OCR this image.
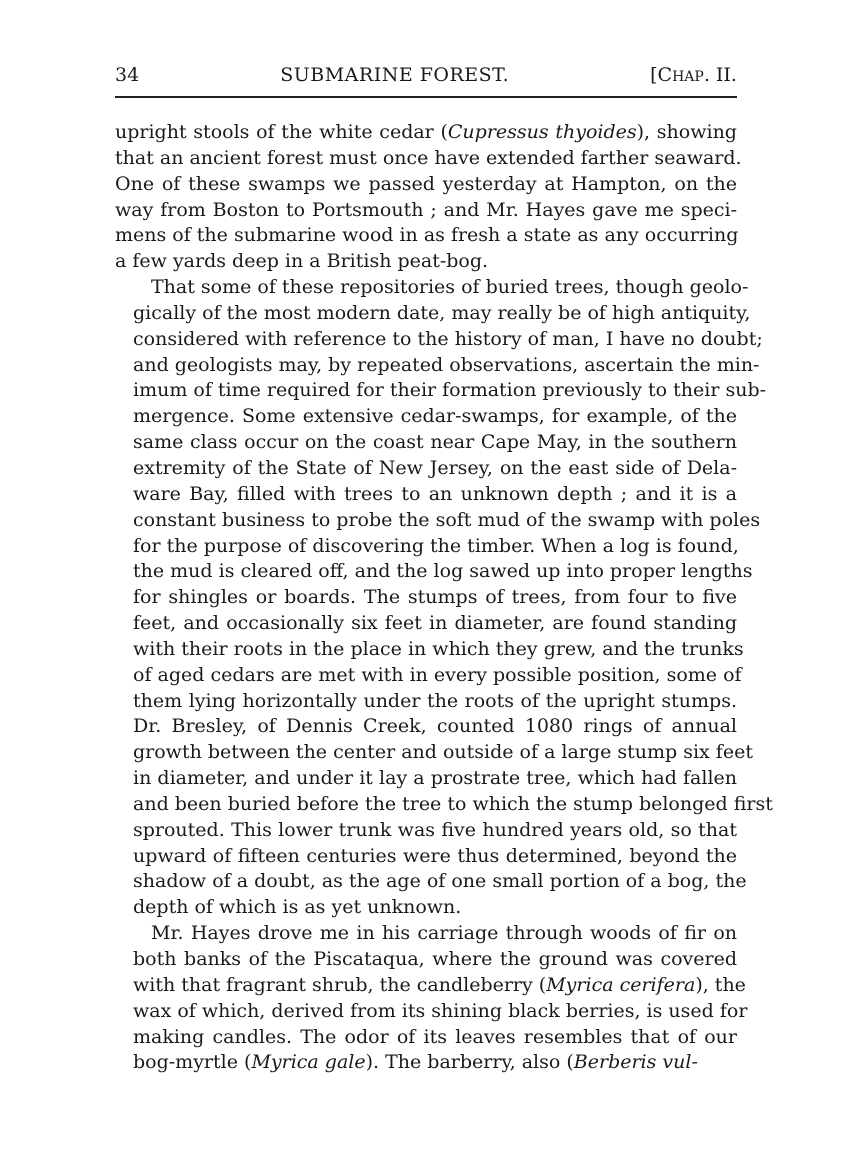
34	SUBMARINE FOREST.	[CHAP. II.
upright stools of the white cedar (Cupressus thyoides), showing
that an ancient forest must once have extended farther seaward.
One of these swamps we passed yesterday at Hampton, on the
way from Boston to Portsmouth ; and Mr. Hayes gave me speci-
mens of the submarine wood in as fresh a state as any occurring
a few yards deep in a British peat-bog.
That some of these repositories of buried trees, though geolo-
gically of the most modern date, may really be of high antiquity,
considered with reference to the history of man, I have no doubt;
and geologists may, by repeated observations, ascertain the min-
imum of time required for their formation previously to their sub-
mergence. Some extensive cedar-swamps, for example, of the
same class occur on the coast near Cape May, in the southern
extremity of the State of New Jersey, on the east side of Dela-
ware Bay, filled with trees to an unknown depth ; and it is a
constant business to probe the soft mud of the swamp with poles
for the purpose of discovering the timber. When a log is found,
the mud is cleared off, and the log sawed up into proper lengths
for shingles or boards. The stumps of trees, from four to five
feet, and occasionally six feet in diameter, are found standing
with their roots in the place in which they grew, and the trunks
of aged cedars are met with in every possible position, some of
them lying horizontally under the roots of the upright stumps.
Dr. Bresley, of Dennis Creek, counted 1080 rings of annual
growth between the center and outside of a large stump six feet
in diameter, and under it lay a prostrate tree, which had fallen
and been buried before the tree to which the stump belonged first
sprouted. This lower trunk was five hundred years old, so that
upward of fifteen centuries were thus determined, beyond the
shadow of a doubt, as the age of one small portion of a bog, the
depth of which is as yet unknown.
Mr. Hayes drove me in his carriage through woods of fir on
both banks of the Piscataqua, where the ground was covered
with that fragrant shrub, the candleberry (Myrica cerifera), the
wax of which, derived from its shining black berries, is used for
making candles. The odor of its leaves resembles that of our
bog-myrtle (Myrica gale). The barberry, also (Berberis vul-
